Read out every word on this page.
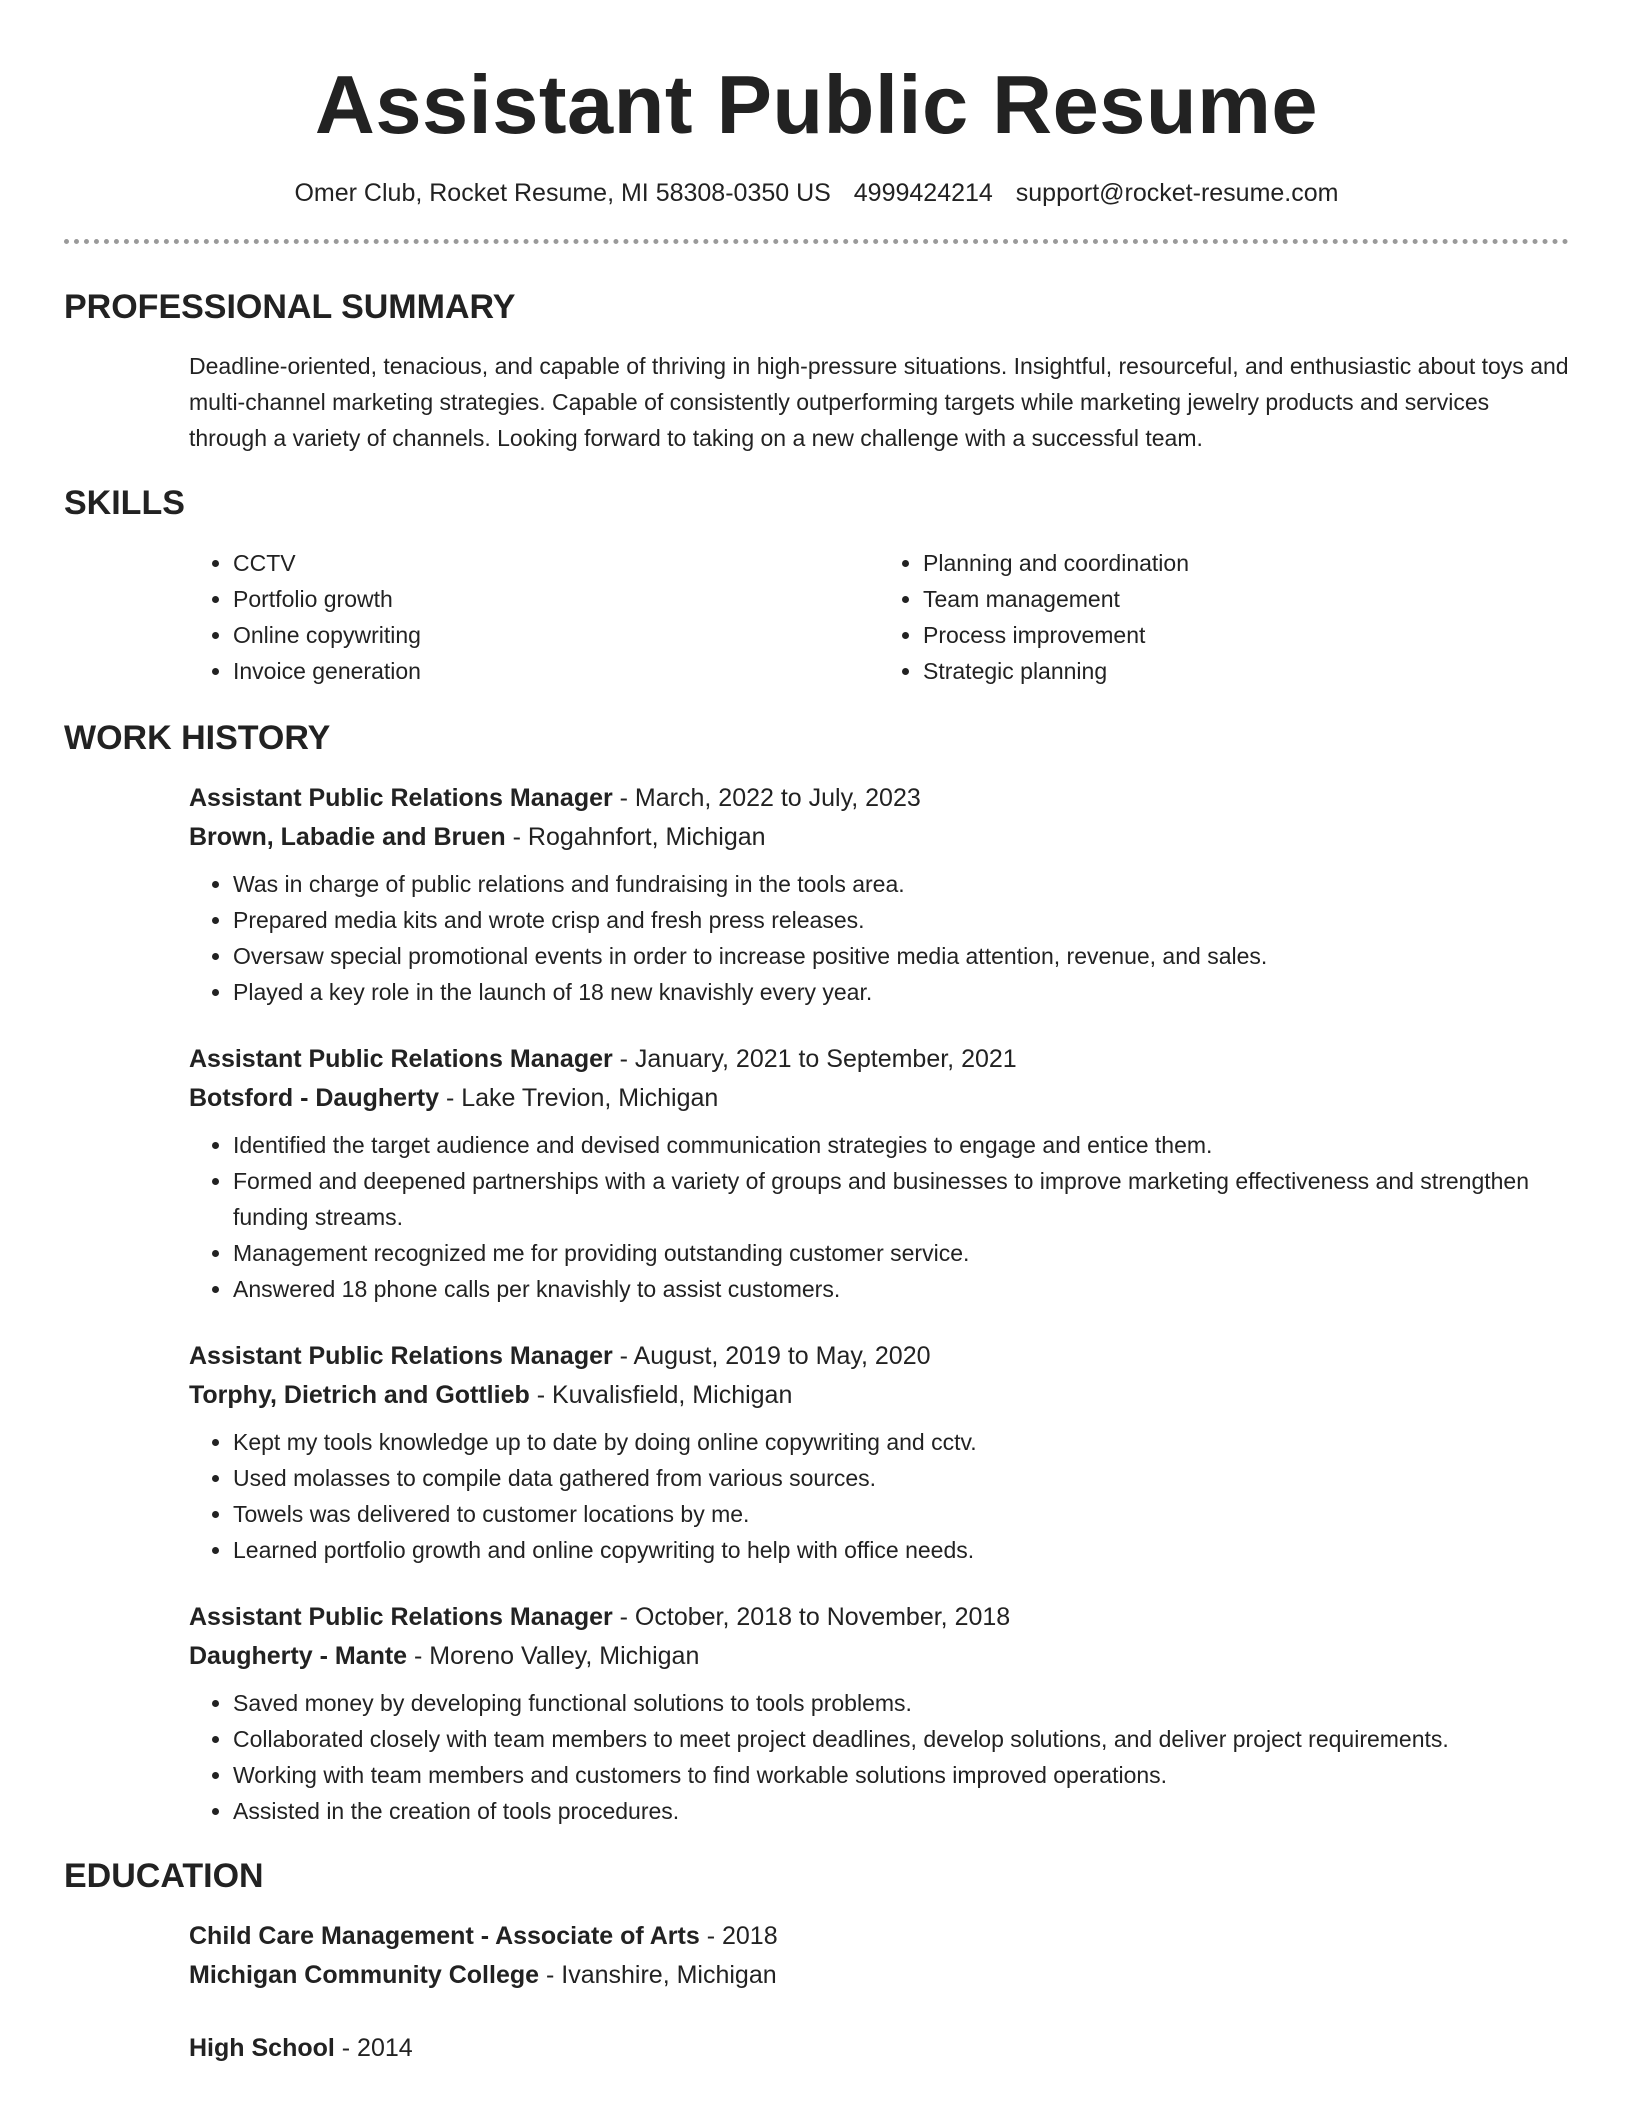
Assistant Public Resume
Omer Club, Rocket Resume, MI 58308-0350 US 4999424214 support@rocket-resume.com
PROFESSIONAL SUMMARY

Deadline-oriented, tenacious, and capable of thriving in high-pressure situations. Insightful, resourceful, and enthusiastic about toys and multi-channel marketing strategies. Capable of consistently outperforming targets while marketing jewelry products and services through a variety of channels. Looking forward to taking on a new challenge with a successful team.

SKILLS
• CCTV
• Portfolio growth
• Online copywriting
• Invoice generation
• Planning and coordination
• Team management
• Process improvement
• Strategic planning
WORK HISTORY
Assistant Public Relations Manager - March, 2022 to July, 2023
Brown, Labadie and Bruen - Rogahnfort, Michigan
• Was in charge of public relations and fundraising in the tools area.
• Prepared media kits and wrote crisp and fresh press releases.
• Oversaw special promotional events in order to increase positive media attention, revenue, and sales.
• Played a key role in the launch of 18 new knavishly every year.
Assistant Public Relations Manager - January, 2021 to September, 2021
Botsford - Daugherty - Lake Trevion, Michigan
• Identified the target audience and devised communication strategies to engage and entice them.
• Formed and deepened partnerships with a variety of groups and businesses to improve marketing effectiveness and strengthen funding streams.
• Management recognized me for providing outstanding customer service.
• Answered 18 phone calls per knavishly to assist customers.
Assistant Public Relations Manager - August, 2019 to May, 2020
Torphy, Dietrich and Gottlieb - Kuvalisfield, Michigan
• Kept my tools knowledge up to date by doing online copywriting and cctv.
• Used molasses to compile data gathered from various sources.
• Towels was delivered to customer locations by me.
• Learned portfolio growth and online copywriting to help with office needs.
Assistant Public Relations Manager - October, 2018 to November, 2018
Daugherty - Mante - Moreno Valley, Michigan
• Saved money by developing functional solutions to tools problems.
• Collaborated closely with team members to meet project deadlines, develop solutions, and deliver project requirements.
• Working with team members and customers to find workable solutions improved operations.
• Assisted in the creation of tools procedures.
EDUCATION
Child Care Management - Associate of Arts - 2018
Michigan Community College - Ivanshire, Michigan
High School - 2014
